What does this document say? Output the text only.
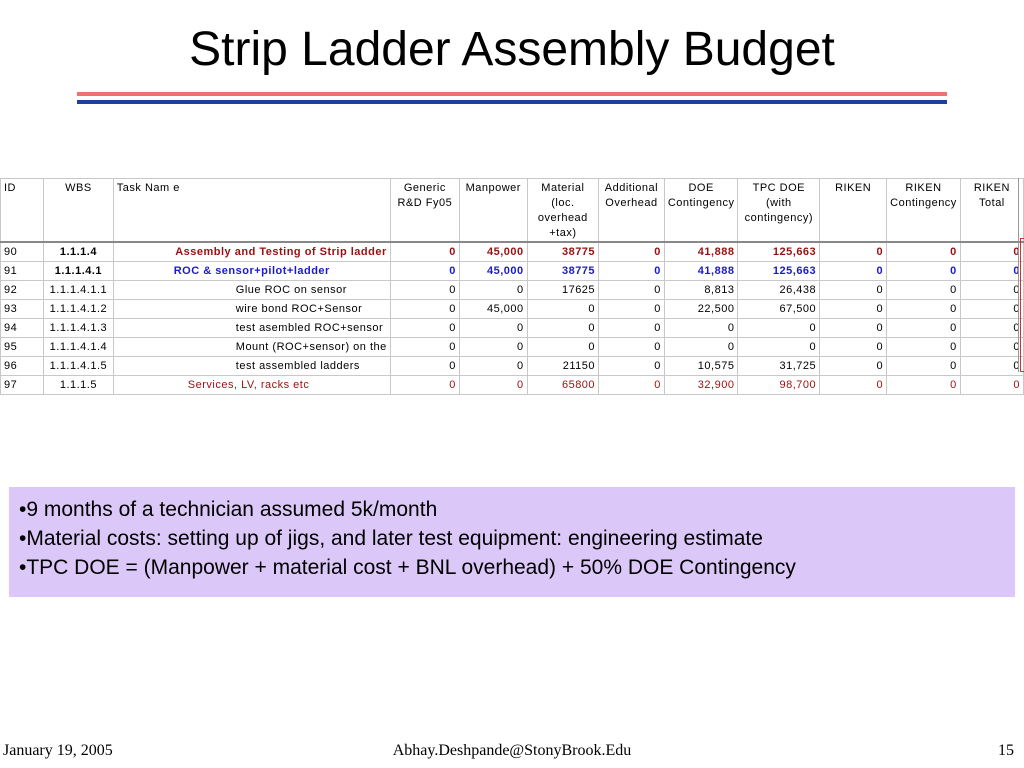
Strip Ladder Assembly Budget
ID	WBS	Task Nam e	Generic R&D Fy05	Manpower	Material (loc. overhead +tax)	Additional Overhead	DOE Contingency	TPC DOE (with contingency)	RIKEN	RIKEN Contingency	RIKEN Total
90	1.1.1.4	Assembly and Testing of Strip ladder	0	45,000	38775	0	41,888	125,663	0	0	0
91	1.1.1.4.1	ROC & sensor+pilot+ladder	0	45,000	38775	0	41,888	125,663	0	0	0
92	1.1.1.4.1.1	Glue ROC on sensor	0	0	17625	0	8,813	26,438	0	0	0
93	1.1.1.4.1.2	wire bond ROC+Sensor	0	45,000	0	0	22,500	67,500	0	0	0
94	1.1.1.4.1.3	test asembled ROC+sensor	0	0	0	0	0	0	0	0	0
95	1.1.1.4.1.4	Mount (ROC+sensor) on the	0	0	0	0	0	0	0	0	0
96	1.1.1.4.1.5	test assembled ladders	0	0	21150	0	10,575	31,725	0	0	0
97	1.1.1.5	Services, LV, racks etc	0	0	65800	0	32,900	98,700	0	0	0
•9 months of a technician assumed 5k/month
•Material costs: setting up of jigs, and later test equipment: engineering estimate
•TPC DOE = (Manpower + material cost + BNL overhead) + 50% DOE Contingency
January 19, 2005	Abhay.Deshpande@StonyBrook.Edu	15
